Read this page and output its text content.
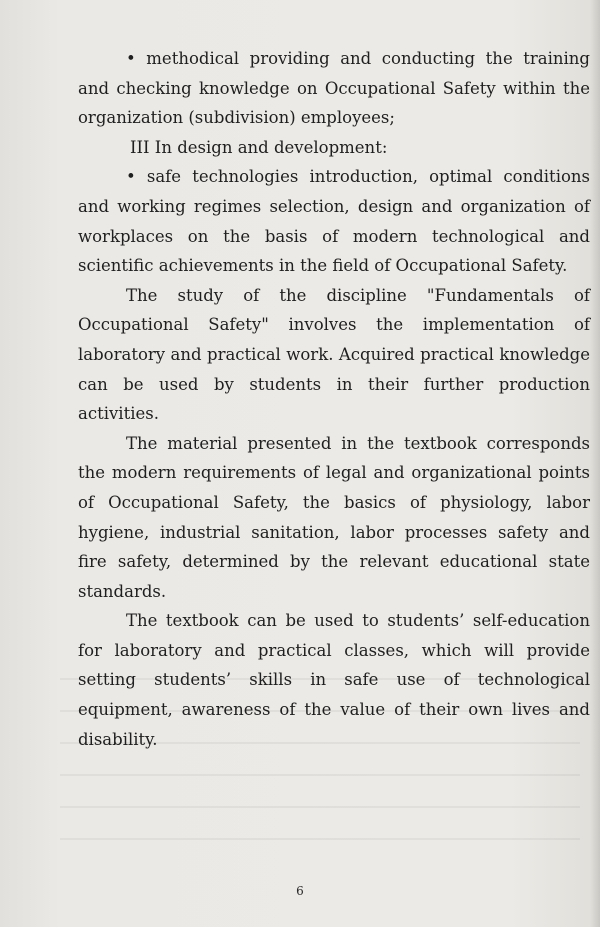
• methodical providing and conducting the training and checking knowledge on Occupational Safety within the organization (subdivision) employees;

III In design and development:

• safe technologies introduction, optimal conditions and working regimes selection, design and organization of workplaces on the basis of modern technological and scientific achievements in the field of Occupational Safety.

The study of the discipline "Fundamentals of Occupational Safety" involves the implementation of laboratory and practical work. Acquired practical knowledge can be used by students in their further production activities.

The material presented in the textbook corresponds the modern requirements of legal and organizational points of Occupational Safety, the basics of physiology, labor hygiene, industrial sanitation, labor processes safety and fire safety, determined by the relevant educational state standards.

The textbook can be used to students’ self-education for laboratory and practical classes, which will provide setting students’ skills in safe use of technological equipment, awareness of the value of their own lives and disability.

6
